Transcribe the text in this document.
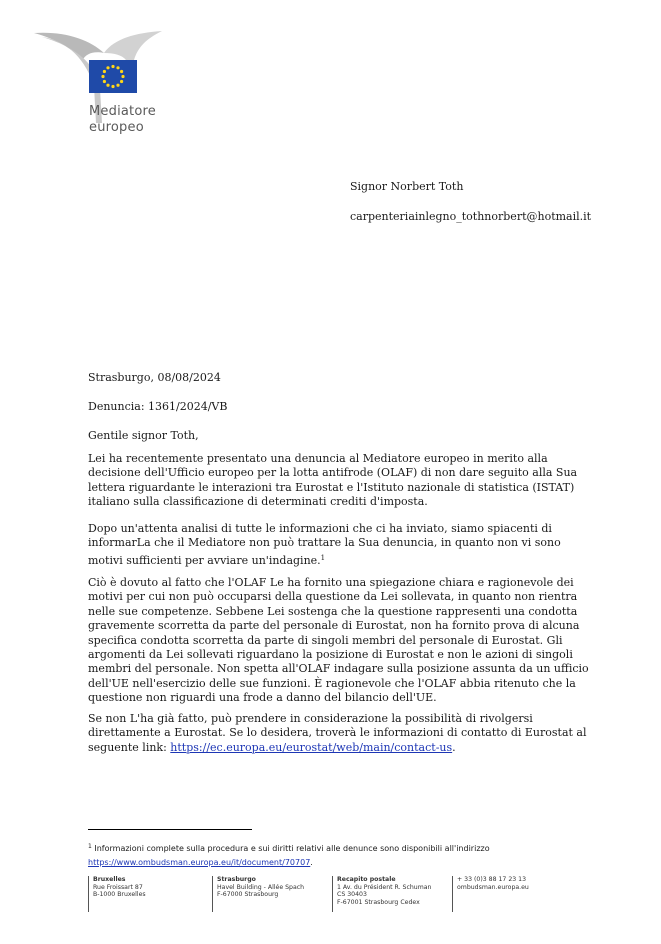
Mediatore
europeo
Signor Norbert Toth
carpenteriainlegno_tothnorbert@hotmail.it
Strasburgo, 08/08/2024
Denuncia: 1361/2024/VB
Gentile signor Toth,
Lei ha recentemente presentato una denuncia al Mediatore europeo in merito alla
decisione dell'Ufficio europeo per la lotta antifrode (OLAF) di non dare seguito alla Sua
lettera riguardante le interazioni tra Eurostat e l'Istituto nazionale di statistica (ISTAT)
italiano sulla classificazione di determinati crediti d'imposta.
Dopo un'attenta analisi di tutte le informazioni che ci ha inviato, siamo spiacenti di
informarLa che il Mediatore non può trattare la Sua denuncia, in quanto non vi sono
motivi sufficienti per avviare un'indagine.$^1$
Ciò è dovuto al fatto che l'OLAF Le ha fornito una spiegazione chiara e ragionevole dei
motivi per cui non può occuparsi della questione da Lei sollevata, in quanto non rientra
nelle sue competenze. Sebbene Lei sostenga che la questione rappresenti una condotta
gravemente scorretta da parte del personale di Eurostat, non ha fornito prova di alcuna
specifica condotta scorretta da parte di singoli membri del personale di Eurostat. Gli
argomenti da Lei sollevati riguardano la posizione di Eurostat e non le azioni di singoli
membri del personale. Non spetta all'OLAF indagare sulla posizione assunta da un ufficio
dell'UE nell'esercizio delle sue funzioni. È ragionevole che l'OLAF abbia ritenuto che la
questione non riguardi una frode a danno del bilancio dell'UE.
Se non L'ha già fatto, può prendere in considerazione la possibilità di rivolgersi
direttamente a Eurostat. Se lo desidera, troverà le informazioni di contatto di Eurostat al
seguente link: https://ec.europa.eu/eurostat/web/main/contact-us.
$^1$ Informazioni complete sulla procedura e sui diritti relativi alle denunce sono disponibili all'indirizzo
https://www.ombudsman.europa.eu/it/document/70707.
Bruxelles
Rue Froissart 87
B-1000 Bruxelles
Strasburgo
Havel Building - Allée Spach
F-67000 Strasbourg
Recapito postale
1 Av. du Président R. Schuman
CS 30403
F-67001 Strasbourg Cedex
+ 33 (0)3 88 17 23 13
ombudsman.europa.eu
